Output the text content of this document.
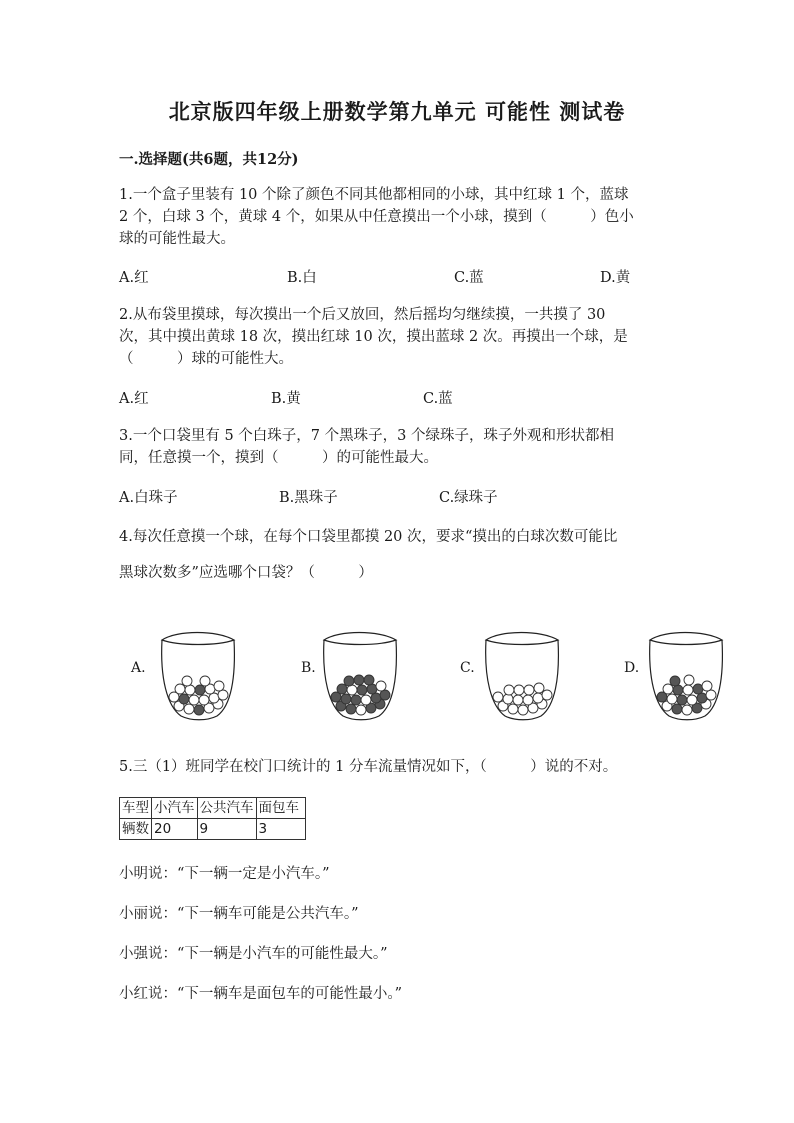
北京版四年级上册数学第九单元 可能性 测试卷
一.选择题(共6题，共12分)
1.一个盒子里装有 10 个除了颜色不同其他都相同的小球，其中红球 1 个，蓝球
2 个，白球 3 个，黄球 4 个，如果从中任意摸出一个小球，摸到（　　　）色小
球的可能性最大。
A.红	B.白	C.蓝	D.黄
2.从布袋里摸球，每次摸出一个后又放回，然后摇均匀继续摸，一共摸了 30
次，其中摸出黄球 18 次，摸出红球 10 次，摸出蓝球 2 次。再摸出一个球，是
（　　　）球的可能性大。
A.红	B.黄	C.蓝
3.一个口袋里有 5 个白珠子，7 个黑珠子，3 个绿珠子，珠子外观和形状都相
同，任意摸一个，摸到（　　　）的可能性最大。
A.白珠子	B.黑珠子	C.绿珠子
4.每次任意摸一个球，在每个口袋里都摸 20 次，要求“摸出的白球次数可能比
黑球次数多”应选哪个口袋？（　　　）
A.	B.	C.	D.
5.三（1）班同学在校门口统计的 1 分车流量情况如下，（　　　）说的不对。
车型	小汽车	公共汽车	面包车
辆数	20	9	3
小明说：“下一辆一定是小汽车。”
小丽说：“下一辆车可能是公共汽车。”
小强说：“下一辆是小汽车的可能性最大。”
小红说：“下一辆车是面包车的可能性最小。”
